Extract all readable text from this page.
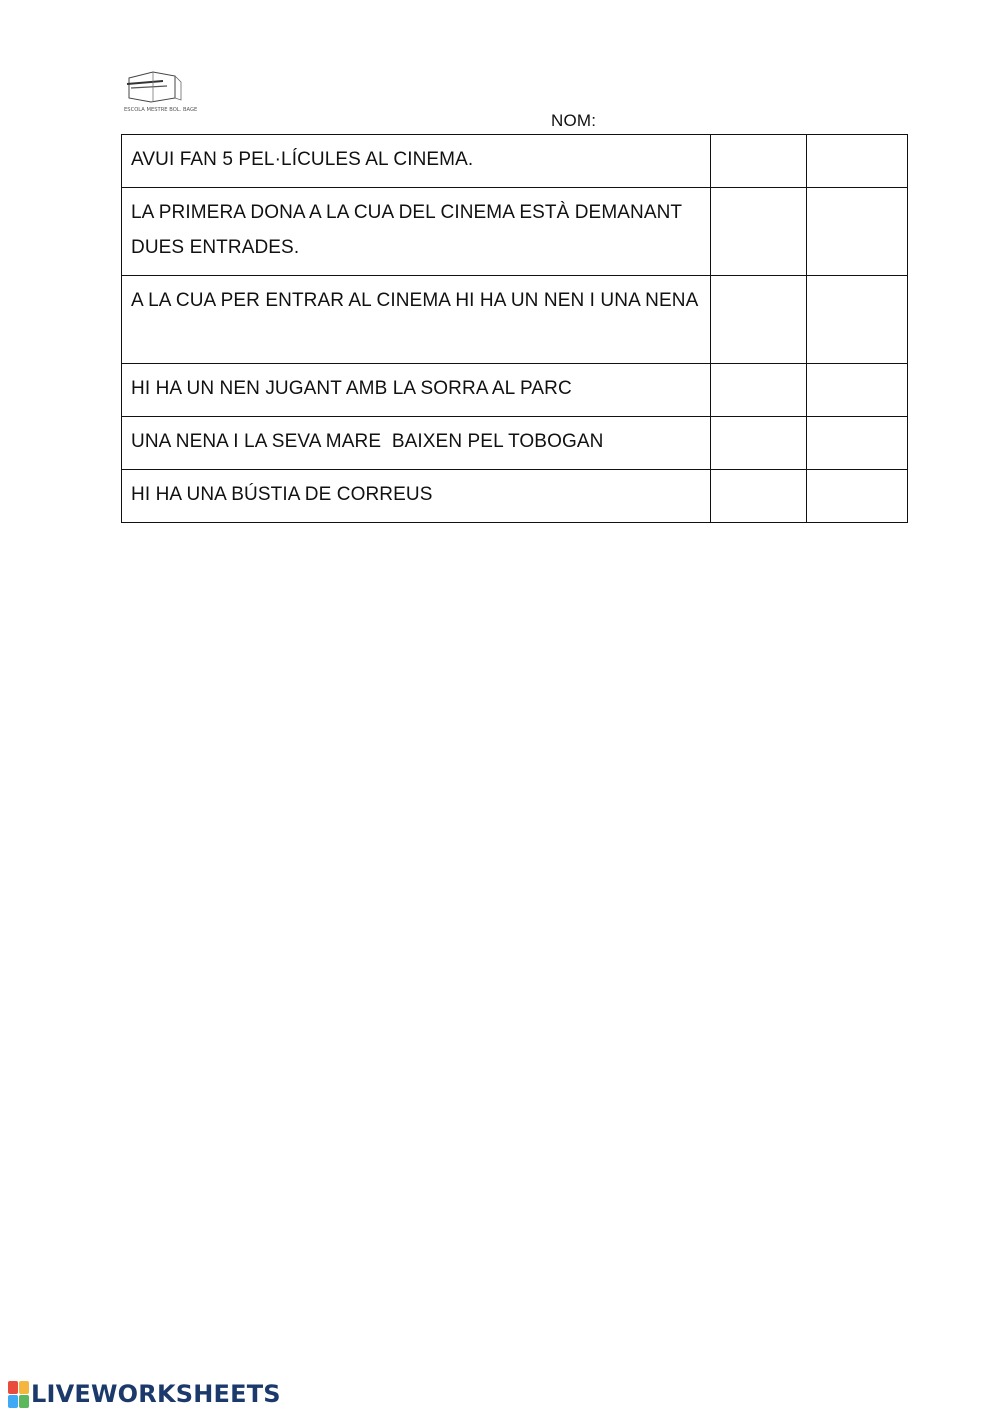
ESCOLA MESTRE BOL. BAGE
NOM:
AVUI FAN 5 PEL·LÍCULES AL CINEMA.		
LA PRIMERA DONA A LA CUA DEL CINEMA ESTÀ DEMANANT DUES ENTRADES.		
A LA CUA PER ENTRAR AL CINEMA HI HA UN NEN I UNA NENA		
HI HA UN NEN JUGANT AMB LA SORRA AL PARC		
UNA NENA I LA SEVA MARE  BAIXEN PEL TOBOGAN		
HI HA UNA BÚSTIA DE CORREUS		
LIVEWORKSHEETS
